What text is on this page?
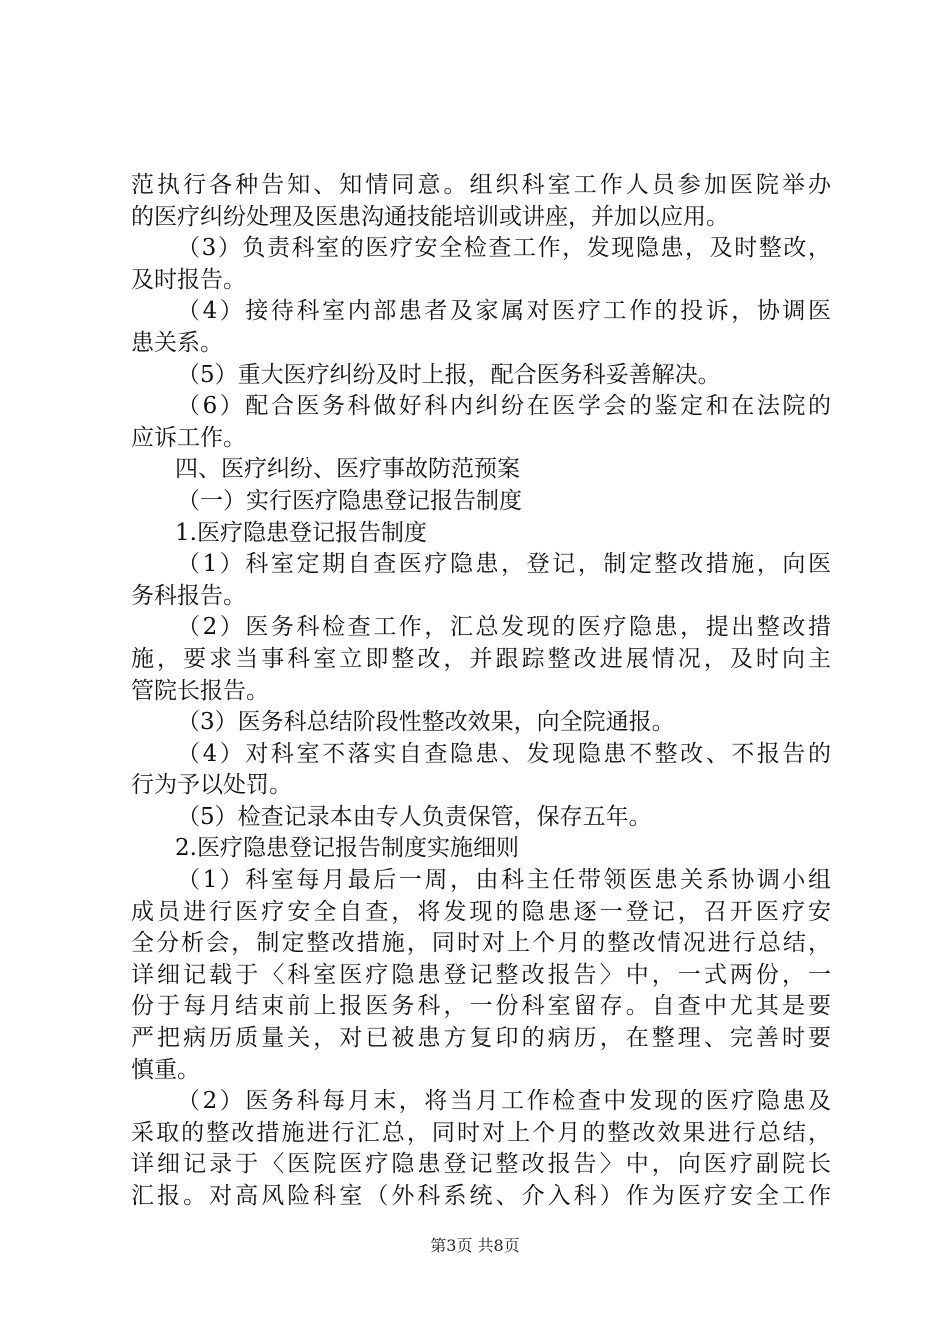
范执行各种告知、知情同意。组织科室工作人员参加医院举办
的医疗纠纷处理及医患沟通技能培训或讲座，并加以应用。
（3）负责科室的医疗安全检查工作，发现隐患，及时整改，
及时报告。
（4）接待科室内部患者及家属对医疗工作的投诉，协调医
患关系。
（5）重大医疗纠纷及时上报，配合医务科妥善解决。
（6）配合医务科做好科内纠纷在医学会的鉴定和在法院的
应诉工作。
四、医疗纠纷、医疗事故防范预案
（一）实行医疗隐患登记报告制度
1.医疗隐患登记报告制度
（1）科室定期自查医疗隐患，登记，制定整改措施，向医
务科报告。
（2）医务科检查工作，汇总发现的医疗隐患，提出整改措
施，要求当事科室立即整改，并跟踪整改进展情况，及时向主
管院长报告。
（3）医务科总结阶段性整改效果，向全院通报。
（4）对科室不落实自查隐患、发现隐患不整改、不报告的
行为予以处罚。
（5）检查记录本由专人负责保管，保存五年。
2.医疗隐患登记报告制度实施细则
（1）科室每月最后一周，由科主任带领医患关系协调小组
成员进行医疗安全自查，将发现的隐患逐一登记，召开医疗安
全分析会，制定整改措施，同时对上个月的整改情况进行总结，
详细记载于〈科室医疗隐患登记整改报告〉中，一式两份，一
份于每月结束前上报医务科，一份科室留存。自查中尤其是要
严把病历质量关，对已被患方复印的病历，在整理、完善时要
慎重。
（2）医务科每月末，将当月工作检查中发现的医疗隐患及
采取的整改措施进行汇总，同时对上个月的整改效果进行总结，
详细记录于〈医院医疗隐患登记整改报告〉中，向医疗副院长
汇报。对高风险科室（外科系统、介入科）作为医疗安全工作
第3页 共8页
